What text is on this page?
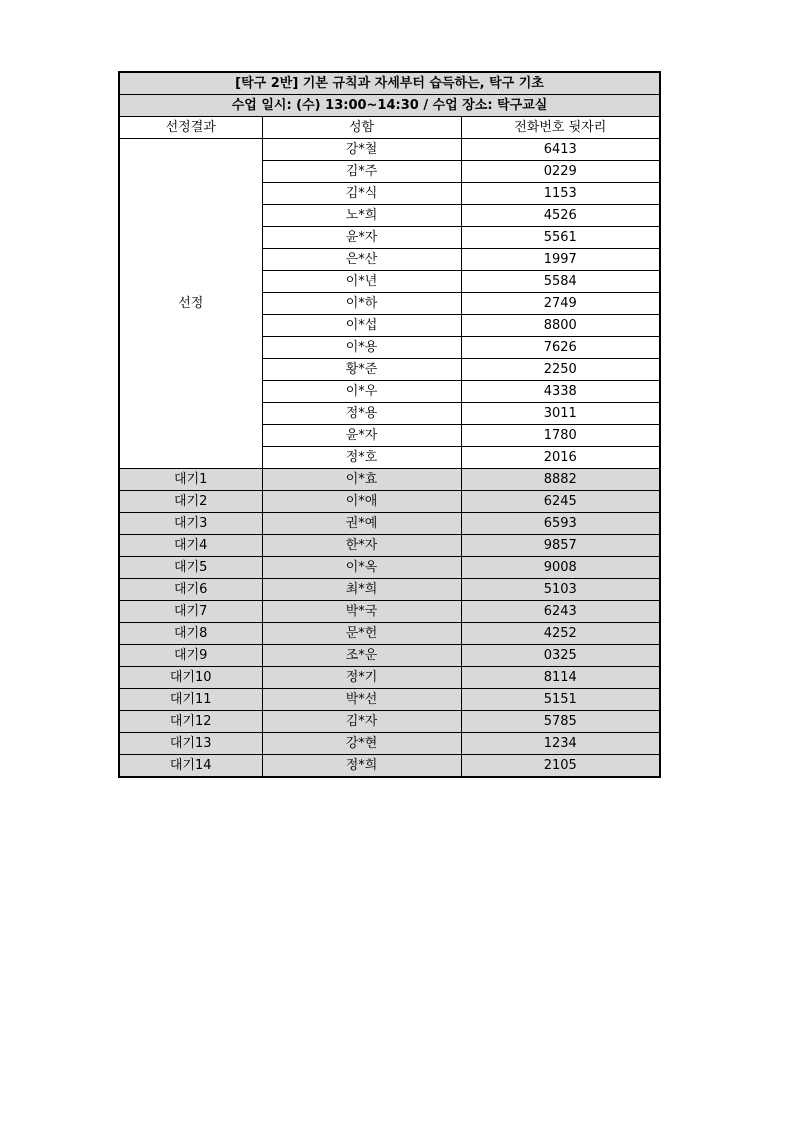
[탁구 2반] 기본 규칙과 자세부터 습득하는, 탁구 기초		
수업 일시: (수) 13:00~14:30 / 수업 장소: 탁구교실		
선정결과	성함	전화번호 뒷자리
선정	강*철	6413
	김*주	0229
	김*식	1153
	노*희	4526
	윤*자	5561
	은*산	1997
	이*년	5584
	이*하	2749
	이*섭	8800
	이*용	7626
	황*준	2250
	이*우	4338
	정*용	3011
	윤*자	1780
	정*호	2016
대기1	이*효	8882
대기2	이*애	6245
대기3	권*예	6593
대기4	한*자	9857
대기5	이*옥	9008
대기6	최*희	5103
대기7	박*국	6243
대기8	문*헌	4252
대기9	조*운	0325
대기10	정*기	8114
대기11	박*선	5151
대기12	김*자	5785
대기13	강*현	1234
대기14	정*희	2105
